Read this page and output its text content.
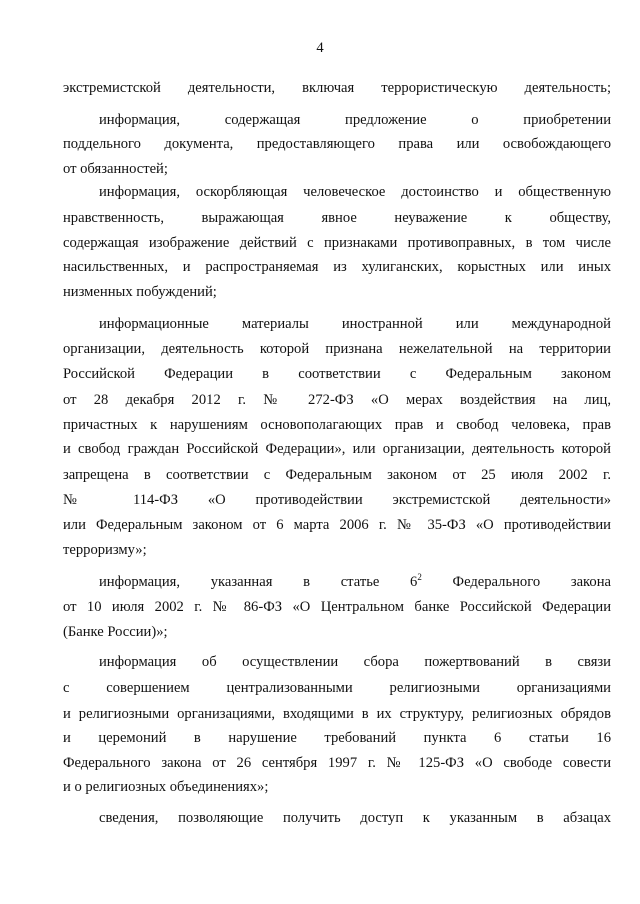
4
экстремистской деятельности, включая террористическую деятельность;
информация, содержащая предложение о приобретении
поддельного документа, предоставляющего права или освобождающего
от обязанностей;
информация, оскорбляющая человеческое достоинство и общественную
нравственность, выражающая явное неуважение к обществу,
содержащая изображение действий с признаками противоправных, в том числе
насильственных, и распространяемая из хулиганских, корыстных или иных
низменных побуждений;
информационные материалы иностранной или международной
организации, деятельность которой признана нежелательной на территории
Российской Федерации в соответствии с Федеральным законом
от 28 декабря 2012 г. № 272-ФЗ «О мерах воздействия на лиц,
причастных к нарушениям основополагающих прав и свобод человека, прав
и свобод граждан Российской Федерации», или организации, деятельность которой
запрещена в соответствии с Федеральным законом от 25 июля 2002 г.
№ 114-ФЗ «О противодействии экстремистской деятельности»
или Федеральным законом от 6 марта 2006 г. № 35-ФЗ «О противодействии
терроризму»;
информация, указанная в статье $6^2$ Федерального закона
от 10 июля 2002 г. № 86-ФЗ «О Центральном банке Российской Федерации
(Банке России)»;
информация об осуществлении сбора пожертвований в связи
с совершением централизованными религиозными организациями
и религиозными организациями, входящими в их структуру, религиозных обрядов
и церемоний в нарушение требований пункта 6 статьи 16
Федерального закона от 26 сентября 1997 г. № 125-ФЗ «О свободе совести
и о религиозных объединениях»;
сведения, позволяющие получить доступ к указанным в абзацах
